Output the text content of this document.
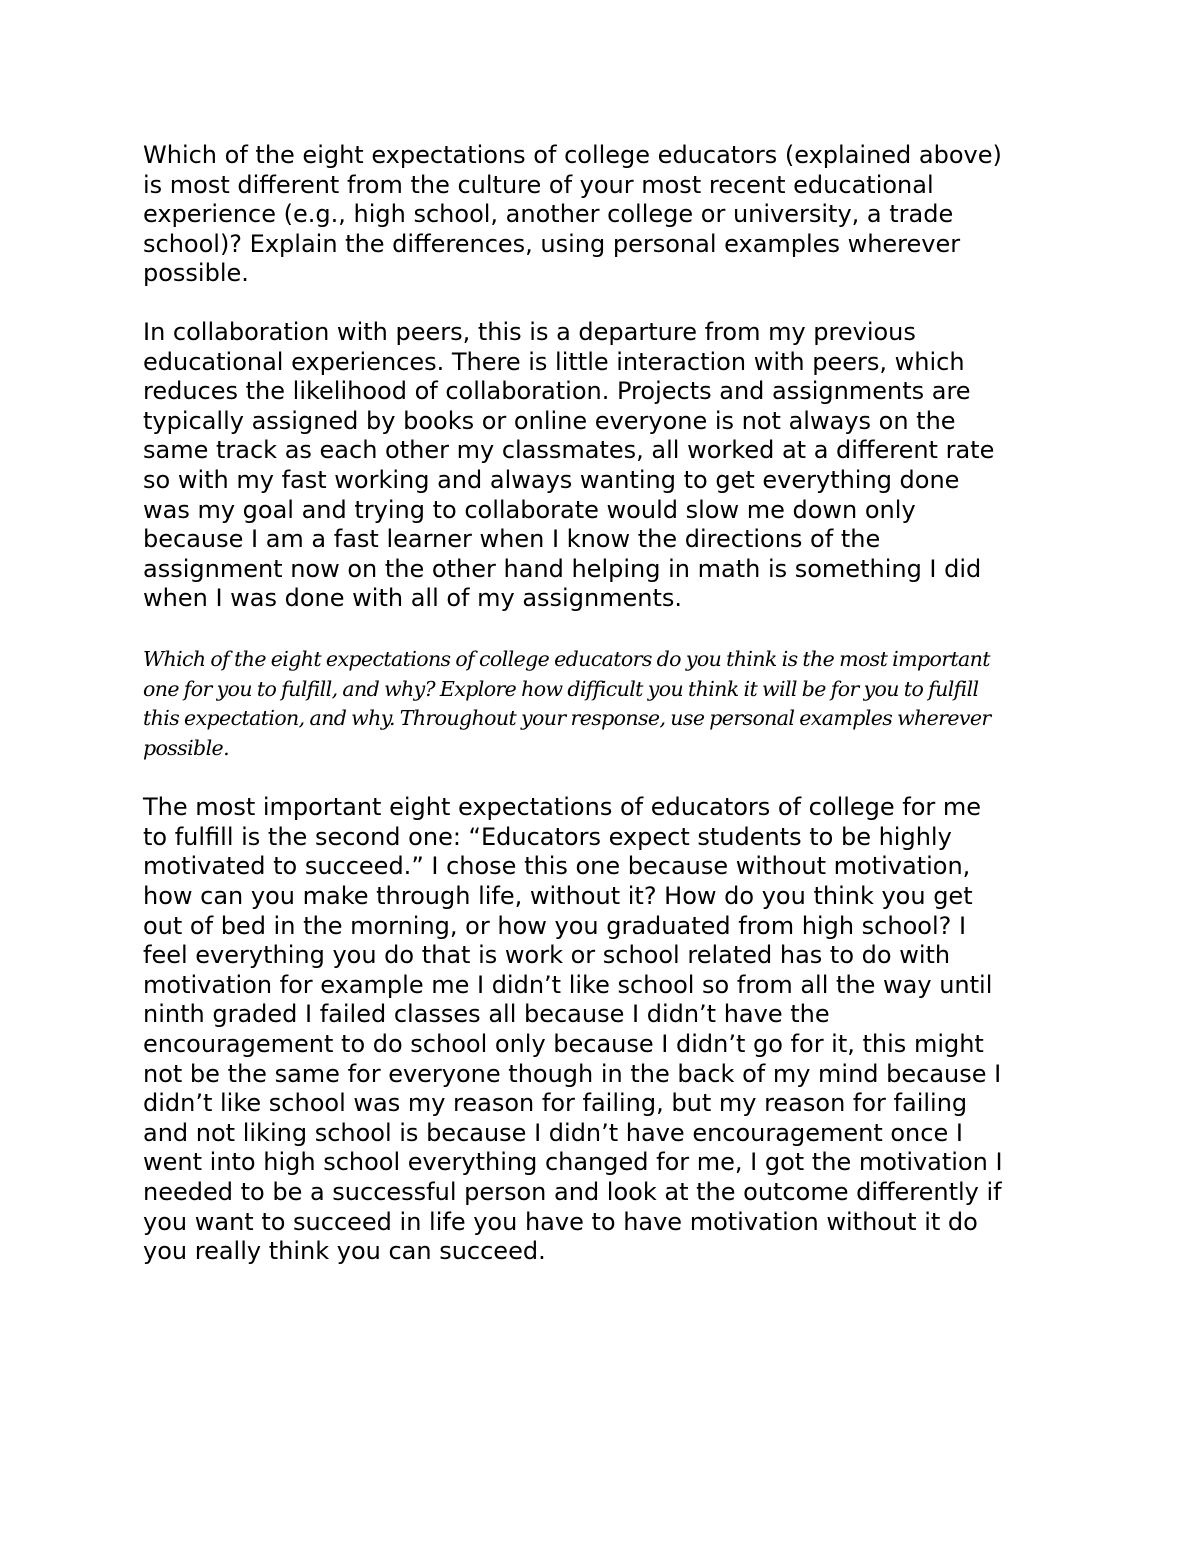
Which of the eight expectations of college educators (explained above)
is most different from the culture of your most recent educational
experience (e.g., high school, another college or university, a trade
school)? Explain the differences, using personal examples wherever
possible.

In collaboration with peers, this is a departure from my previous
educational experiences. There is little interaction with peers, which
reduces the likelihood of collaboration. Projects and assignments are
typically assigned by books or online everyone is not always on the
same track as each other my classmates, all worked at a different rate
so with my fast working and always wanting to get everything done
was my goal and trying to collaborate would slow me down only
because I am a fast learner when I know the directions of the
assignment now on the other hand helping in math is something I did
when I was done with all of my assignments.

Which of the eight expectations of college educators do you think is the most important
one for you to fulfill, and why? Explore how difficult you think it will be for you to fulfill
this expectation, and why. Throughout your response, use personal examples wherever
possible.

The most important eight expectations of educators of college for me
to fulfill is the second one: “Educators expect students to be highly
motivated to succeed.” I chose this one because without motivation,
how can you make through life, without it? How do you think you get
out of bed in the morning, or how you graduated from high school? I
feel everything you do that is work or school related has to do with
motivation for example me I didn’t like school so from all the way until
ninth graded I failed classes all because I didn’t have the
encouragement to do school only because I didn’t go for it, this might
not be the same for everyone though in the back of my mind because I
didn’t like school was my reason for failing, but my reason for failing
and not liking school is because I didn’t have encouragement once I
went into high school everything changed for me, I got the motivation I
needed to be a successful person and look at the outcome differently if
you want to succeed in life you have to have motivation without it do
you really think you can succeed.
